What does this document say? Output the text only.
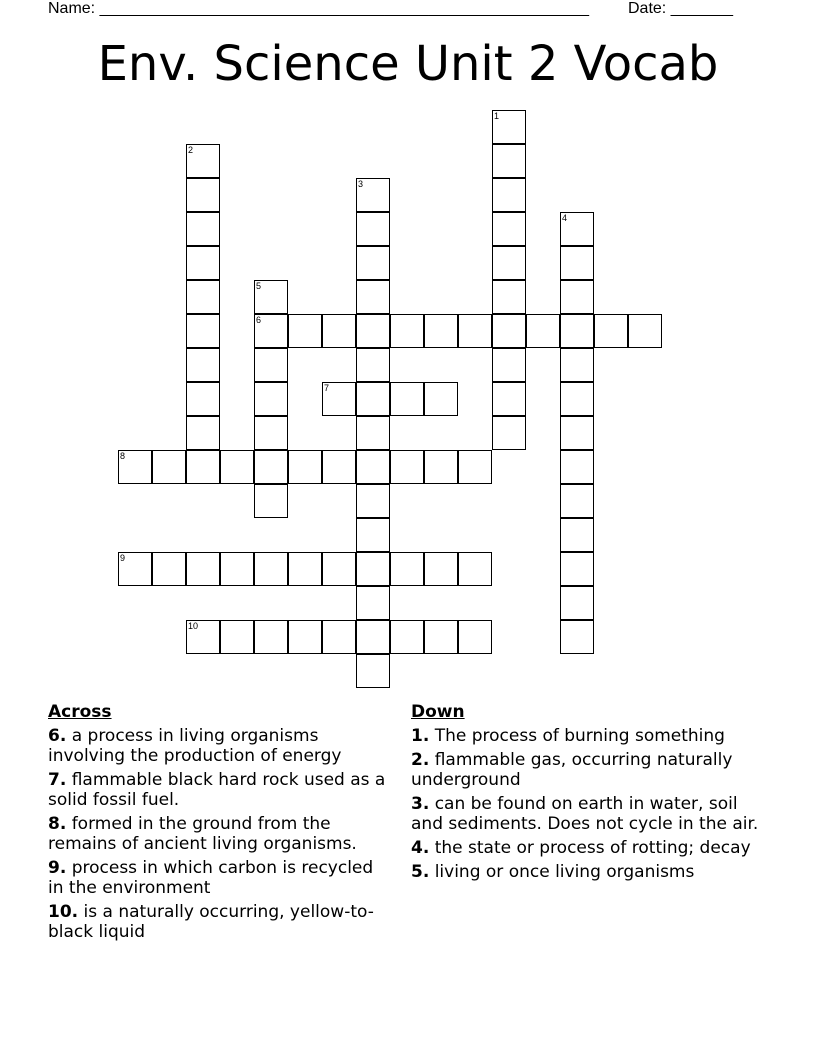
Name: _______________________________________________________ Date: _______
Env. Science Unit 2 Vocab
1
2
3
4
5
6
7
8
9
10
Across
6. a process in living organisms involving the production of energy
7. flammable black hard rock used as a solid fossil fuel.
8. formed in the ground from the remains of ancient living organisms.
9. process in which carbon is recycled in the environment
10. is a naturally occurring, yellow-to-black liquid
Down
1. The process of burning something
2. flammable gas, occurring naturally underground
3. can be found on earth in water, soil and sediments. Does not cycle in the air.
4. the state or process of rotting; decay
5. living or once living organisms
